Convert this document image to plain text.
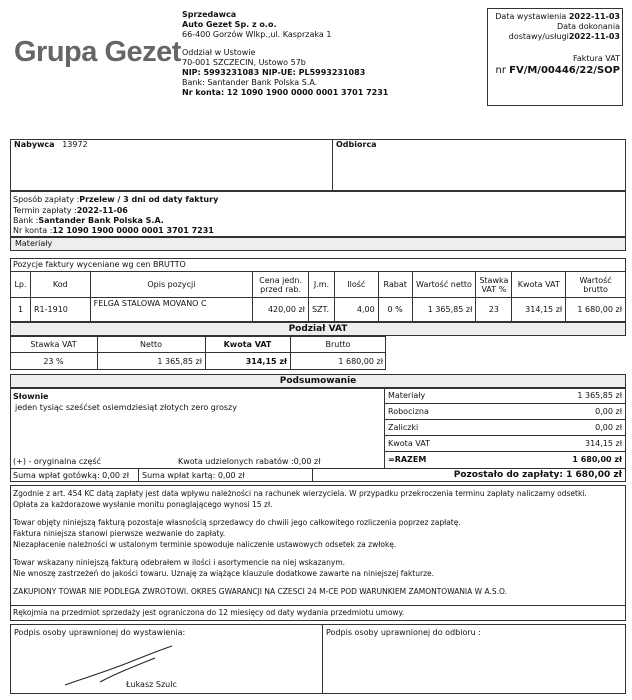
Grupa Gezet
Sprzedawca
Auto Gezet Sp. z o.o.
66-400 Gorzów Wlkp.,ul. Kasprzaka 1
Oddział w Ustowie
70-001 SZCZECIN, Ustowo 57b
NIP: 5993231083 NIP-UE: PL5993231083
Bank: Santander Bank Polska S.A.
Nr konta: 12 1090 1900 0000 0001 3701 7231
Data wystawienia 2022-11-03
Data dokonania
dostawy/usługi2022-11-03
Faktura VAT
nr FV/M/00446/22/SOP
Nabywca 13972	Odbiorca
Sposób zapłaty :Przelew / 3 dni od daty faktury
Termin zapłaty :2022-11-06
Bank :Santander Bank Polska S.A.
Nr konta :12 1090 1900 0000 0001 3701 7231
Materiały
Pozycje faktury wyceniane wg cen BRUTTO
Lp.	Kod	Opis pozycji	Cena jedn. przed rab.	J.m.	Ilość	Rabat	Wartość netto	Stawka VAT %	Kwota VAT	Wartość brutto
1	R1-1910	FELGA STALOWA MOVANO C	420,00 zł	SZT.	4,00	0 %	1 365,85 zł	23	314,15 zł	1 680,00 zł
Podział VAT
Stawka VAT	Netto	Kwota VAT	Brutto
23 %	1 365,85 zł	314,15 zł	1 680,00 zł
Podsumowanie
Słownie
jeden tysiąc sześćset osiemdziesiąt złotych zero groszy
Materiały	1 365,85 zł
Robocizna	0,00 zł
Zaliczki	0,00 zł
Kwota VAT	314,15 zł
=RAZEM	1 680,00 zł
(+) - oryginalna część	Kwota udzielonych rabatów :0,00 zł
Suma wpłat gotówką: 0,00 zł Suma wpłat kartą: 0,00 zł	Pozostało do zapłaty: 1 680,00 zł
Zgodnie z art. 454 KC datą zapłaty jest data wpływu należności na rachunek wierzyciela. W przypadku przekroczenia terminu zapłaty naliczamy odsetki.
Opłata za każdorazowe wysłanie monitu ponaglającego wynosi 15 zł.
Towar objęty niniejszą fakturą pozostaje własnością sprzedawcy do chwili jego całkowitego rozliczenia poprzez zapłatę.
Faktura niniejsza stanowi pierwsze wezwanie do zapłaty.
Niezapłacenie należności w ustalonym terminie spowoduje naliczenie ustawowych odsetek za zwłokę.
Towar wskazany niniejszą fakturą odebrałem w ilości i asortymencie na niej wskazanym.
Nie wnoszę zastrzeżeń do jakości towaru. Uznaję za wiążące klauzule dodatkowe zawarte na niniejszej fakturze.
ZAKUPIONY TOWAR NIE PODLEGA ZWROTOWI. OKRES GWARANCJI NA CZESCI 24 M-CE POD WARUNKIEM ZAMONTOWANIA W A.S.O.
Rękojmia na przedmiot sprzedaży jest ograniczona do 12 miesięcy od daty wydania przedmiotu umowy.
Podpis osoby uprawnionej do wystawienia:	Podpis osoby uprawnionej do odbioru :
Łukasz Szulc
